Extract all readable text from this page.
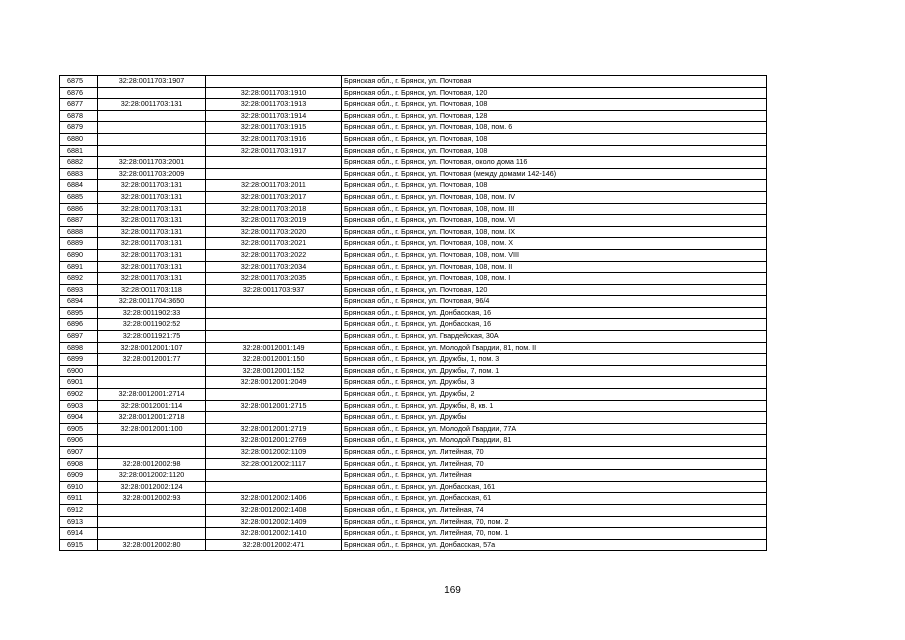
6875	32:28:0011703:1907		Брянская обл., г. Брянск, ул. Почтовая
6876		32:28:0011703:1910	Брянская обл., г. Брянск, ул. Почтовая, 120
6877	32:28:0011703:131	32:28:0011703:1913	Брянская обл., г. Брянск, ул. Почтовая, 108
6878		32:28:0011703:1914	Брянская обл., г. Брянск, ул. Почтовая, 128
6879		32:28:0011703:1915	Брянская обл., г. Брянск, ул. Почтовая, 108, пом. 6
6880		32:28:0011703:1916	Брянская обл., г. Брянск, ул. Почтовая, 108
6881		32:28:0011703:1917	Брянская обл., г. Брянск, ул. Почтовая, 108
6882	32:28:0011703:2001		Брянская обл., г. Брянск, ул. Почтовая, около дома 116
6883	32:28:0011703:2009		Брянская обл., г. Брянск, ул. Почтовая (между домами 142-146)
6884	32:28:0011703:131	32:28:0011703:2011	Брянская обл., г. Брянск, ул. Почтовая, 108
6885	32:28:0011703:131	32:28:0011703:2017	Брянская обл., г. Брянск, ул. Почтовая, 108, пом. IV
6886	32:28:0011703:131	32:28:0011703:2018	Брянская обл., г. Брянск, ул. Почтовая, 108, пом. III
6887	32:28:0011703:131	32:28:0011703:2019	Брянская обл., г. Брянск, ул. Почтовая, 108, пом. VI
6888	32:28:0011703:131	32:28:0011703:2020	Брянская обл., г. Брянск, ул. Почтовая, 108, пом. IX
6889	32:28:0011703:131	32:28:0011703:2021	Брянская обл., г. Брянск, ул. Почтовая, 108, пом. X
6890	32:28:0011703:131	32:28:0011703:2022	Брянская обл., г. Брянск, ул. Почтовая, 108, пом. VIII
6891	32:28:0011703:131	32:28:0011703:2034	Брянская обл., г. Брянск, ул. Почтовая, 108, пом. II
6892	32:28:0011703:131	32:28:0011703:2035	Брянская обл., г. Брянск, ул. Почтовая, 108, пом. I
6893	32:28:0011703:118	32:28:0011703:937	Брянская обл., г. Брянск, ул. Почтовая, 120
6894	32:28:0011704:3650		Брянская обл., г. Брянск, ул. Почтовая, 96/4
6895	32:28:0011902:33		Брянская обл., г. Брянск, ул. Донбасская, 16
6896	32:28:0011902:52		Брянская обл., г. Брянск, ул. Донбасская, 16
6897	32:28:0011921:75		Брянская обл., г. Брянск, ул. Гвардейская, 30А
6898	32:28:0012001:107	32:28:0012001:149	Брянская обл., г. Брянск, ул. Молодой Гвардии, 81, пом. II
6899	32:28:0012001:77	32:28:0012001:150	Брянская обл., г. Брянск, ул. Дружбы, 1, пом. 3
6900		32:28:0012001:152	Брянская обл., г. Брянск, ул. Дружбы, 7, пом. 1
6901		32:28:0012001:2049	Брянская обл., г. Брянск, ул. Дружбы, 3
6902	32:28:0012001:2714		Брянская обл., г. Брянск, ул. Дружбы, 2
6903	32:28:0012001:114	32:28:0012001:2715	Брянская обл., г. Брянск, ул. Дружбы, 8, кв. 1
6904	32:28:0012001:2718		Брянская обл., г. Брянск, ул. Дружбы
6905	32:28:0012001:100	32:28:0012001:2719	Брянская обл., г. Брянск, ул. Молодой Гвардии, 77А
6906		32:28:0012001:2769	Брянская обл., г. Брянск, ул. Молодой Гвардии, 81
6907		32:28:0012002:1109	Брянская обл., г. Брянск, ул. Литейная, 70
6908	32:28:0012002:98	32:28:0012002:1117	Брянская обл., г. Брянск, ул. Литейная, 70
6909	32:28:0012002:1120		Брянская обл., г. Брянск, ул. Литейная
6910	32:28:0012002:124		Брянская обл., г. Брянск, ул. Донбасская, 161
6911	32:28:0012002:93	32:28:0012002:1406	Брянская обл., г. Брянск, ул. Донбасская, 61
6912		32:28:0012002:1408	Брянская обл., г. Брянск, ул. Литейная, 74
6913		32:28:0012002:1409	Брянская обл., г. Брянск, ул. Литейная, 70, пом. 2
6914		32:28:0012002:1410	Брянская обл., г. Брянск, ул. Литейная, 70, пом. 1
6915	32:28:0012002:80	32:28:0012002:471	Брянская обл., г. Брянск, ул. Донбасская, 57а
169
